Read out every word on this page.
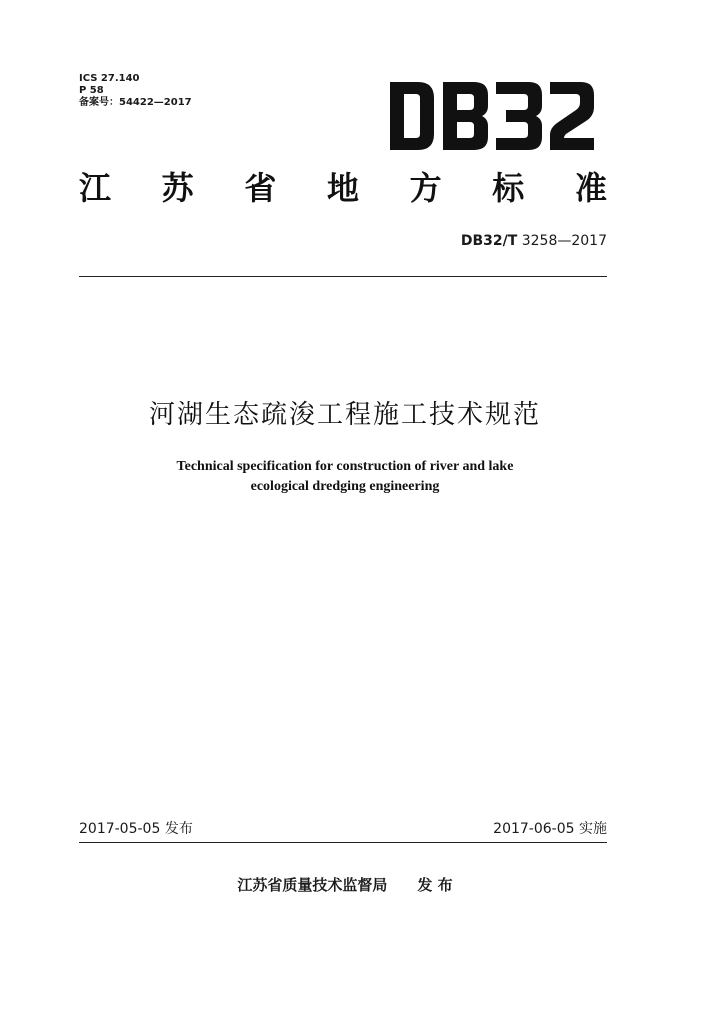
ICS 27.140
P 58
备案号：54422—2017
江 苏 省 地 方 标 准
DB32/T 3258—2017
河湖生态疏浚工程施工技术规范
Technical specification for construction of river and lake
ecological dredging engineering
2017-05-05 发布	2017-06-05 实施
江苏省质量技术监督局 发 布
